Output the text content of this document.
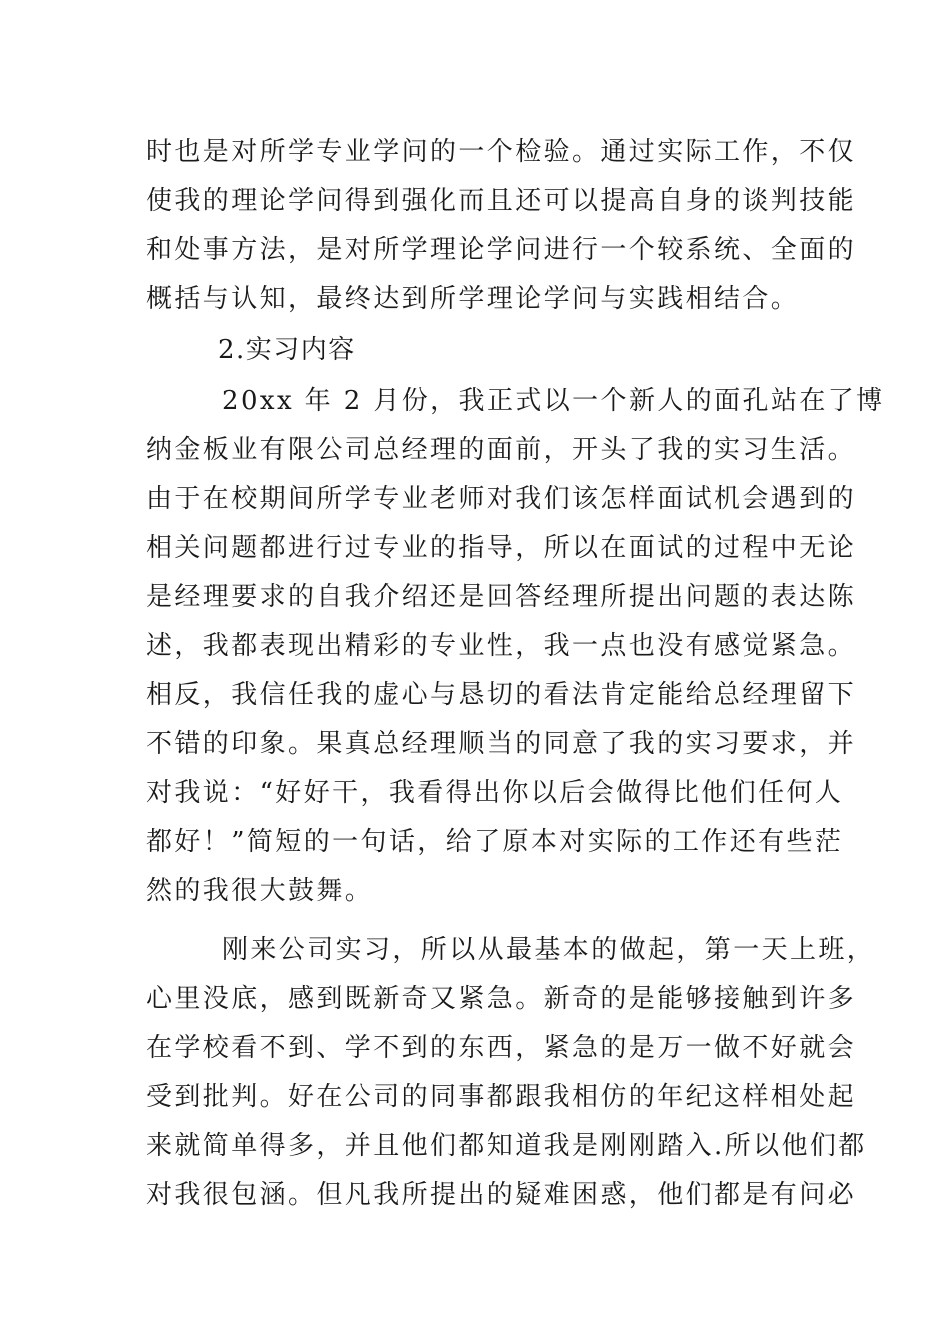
时也是对所学专业学问的一个检验。通过实际工作，不仅
使我的理论学问得到强化而且还可以提高自身的谈判技能
和处事方法，是对所学理论学问进行一个较系统、全面的
概括与认知，最终达到所学理论学问与实践相结合。
2.实习内容
20xx 年 2 月份，我正式以一个新人的面孔站在了博
纳金板业有限公司总经理的面前，开头了我的实习生活。
由于在校期间所学专业老师对我们该怎样面试机会遇到的
相关问题都进行过专业的指导，所以在面试的过程中无论
是经理要求的自我介绍还是回答经理所提出问题的表达陈
述，我都表现出精彩的专业性，我一点也没有感觉紧急。
相反，我信任我的虚心与恳切的看法肯定能给总经理留下
不错的印象。果真总经理顺当的同意了我的实习要求，并
对我说：“好好干，我看得出你以后会做得比他们任何人
都好！”简短的一句话，给了原本对实际的工作还有些茫
然的我很大鼓舞。
刚来公司实习，所以从最基本的做起，第一天上班，
心里没底，感到既新奇又紧急。新奇的是能够接触到许多
在学校看不到、学不到的东西，紧急的是万一做不好就会
受到批判。好在公司的同事都跟我相仿的年纪这样相处起
来就简单得多，并且他们都知道我是刚刚踏入.所以他们都
对我很包涵。但凡我所提出的疑难困惑，他们都是有问必
